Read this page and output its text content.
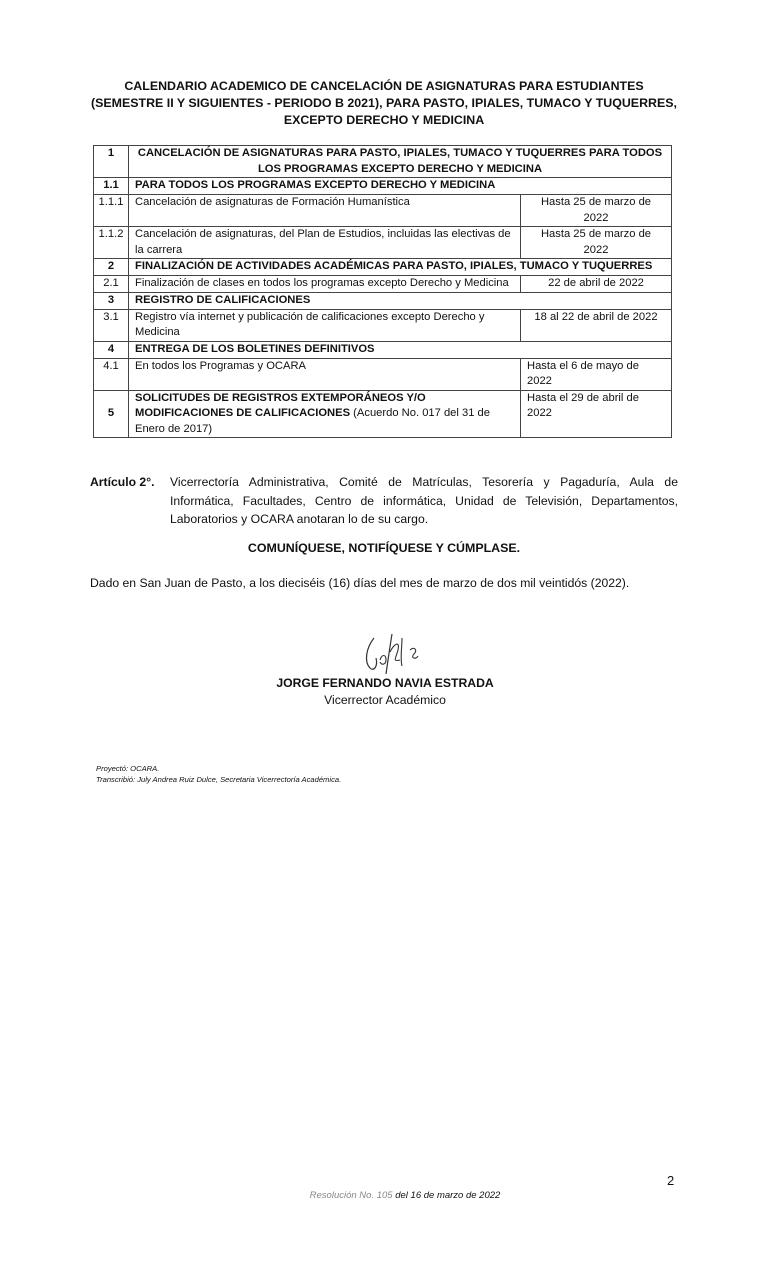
CALENDARIO ACADEMICO DE CANCELACIÓN DE ASIGNATURAS PARA ESTUDIANTES (SEMESTRE II Y SIGUIENTES - PERIODO B 2021), PARA PASTO, IPIALES, TUMACO Y TUQUERRES, EXCEPTO DERECHO Y MEDICINA
1	CANCELACIÓN DE ASIGNATURAS PARA PASTO, IPIALES, TUMACO Y TUQUERRES PARA TODOS LOS PROGRAMAS EXCEPTO DERECHO Y MEDICINA	
1.1	PARA TODOS LOS PROGRAMAS EXCEPTO DERECHO Y MEDICINA	
1.1.1	Cancelación de asignaturas de Formación Humanística	Hasta 25 de marzo de 2022
1.1.2	Cancelación de asignaturas, del Plan de Estudios, incluidas las electivas de la carrera	Hasta 25 de marzo de 2022
2	FINALIZACIÓN DE ACTIVIDADES ACADÉMICAS PARA PASTO, IPIALES, TUMACO Y TUQUERRES	
2.1	Finalización de clases en todos los programas excepto Derecho y Medicina	22 de abril de 2022
3	REGISTRO DE CALIFICACIONES	
3.1	Registro vía internet y publicación de calificaciones excepto Derecho y Medicina	18 al 22 de abril de 2022
4	ENTREGA DE LOS BOLETINES DEFINITIVOS	
4.1	En todos los Programas y OCARA	Hasta el 6 de mayo de 2022
5	SOLICITUDES DE REGISTROS EXTEMPORÁNEOS Y/O MODIFICACIONES DE CALIFICACIONES (Acuerdo No. 017 del 31 de Enero de 2017)	Hasta el 29 de abril de 2022
Artículo 2°. Vicerrectoría Administrativa, Comité de Matrículas, Tesorería y Pagaduría, Aula de Informática, Facultades, Centro de informática, Unidad de Televisión, Departamentos, Laboratorios y OCARA anotaran lo de su cargo.
COMUNÍQUESE, NOTIFÍQUESE Y CÚMPLASE.
Dado en San Juan de Pasto, a los dieciséis (16) días del mes de marzo de dos mil veintidós (2022).
JORGE FERNANDO NAVIA ESTRADA
Vicerrector Académico
Proyectó: OCARA.
Transcribió: July Andrea Ruiz Dulce, Secretaria Vicerrectoría Académica.
2
Resolución No. 105 del 16 de marzo de 2022
